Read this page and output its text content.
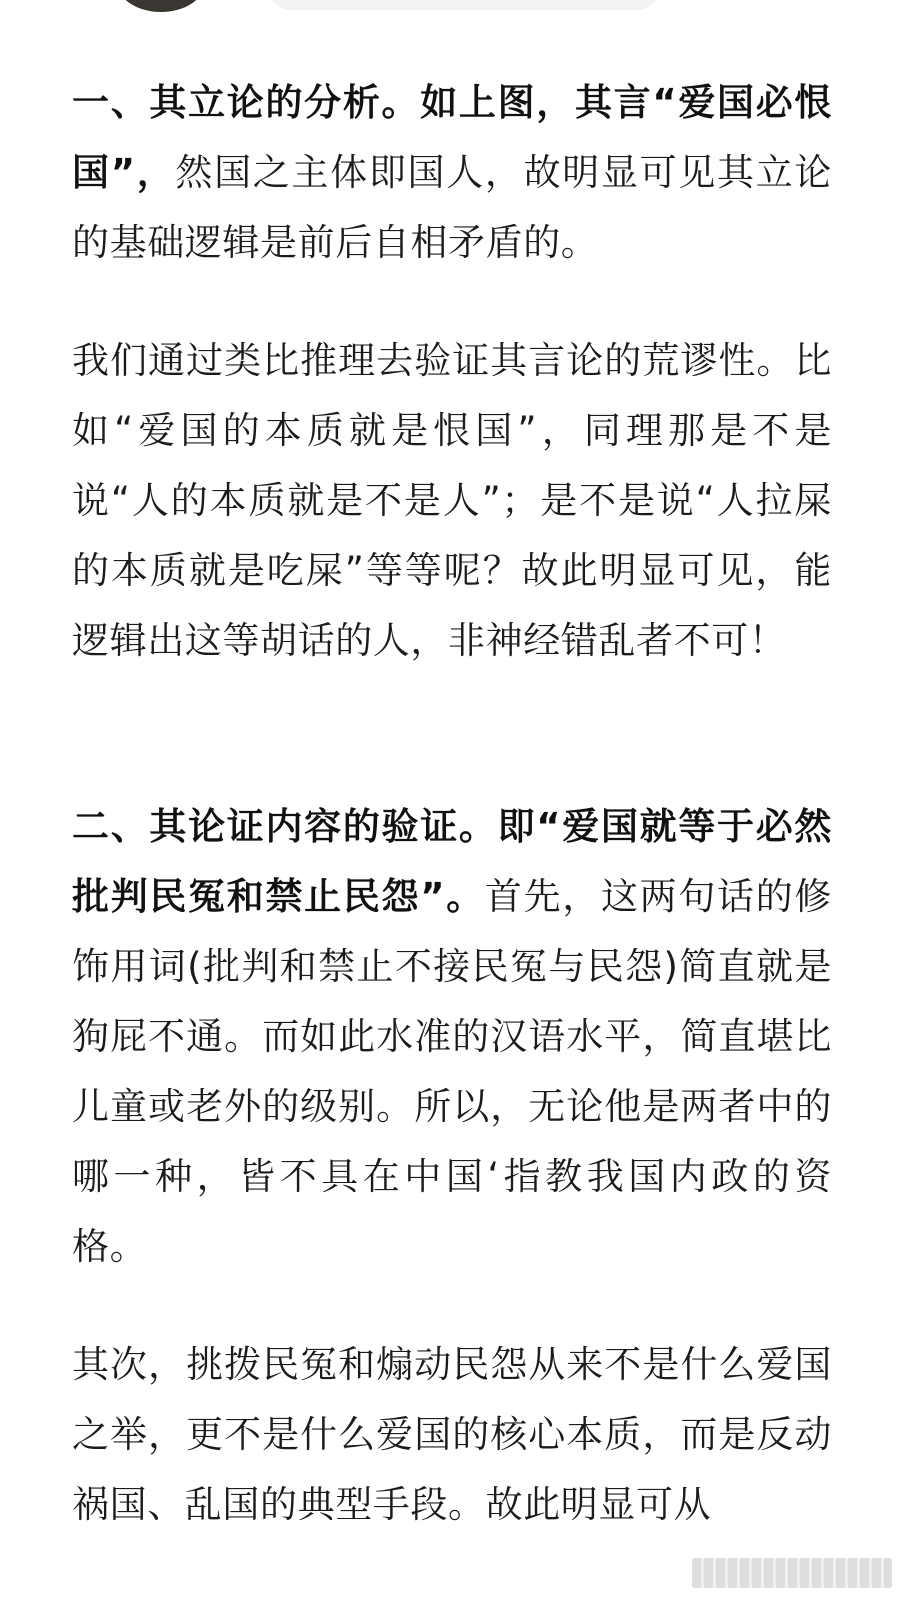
一、其立论的分析。如上图，其言“爱国必恨国”，然国之主体即国人，故明显可见其立论的基础逻辑是前后自相矛盾的。

我们通过类比推理去验证其言论的荒谬性。比如“爱国的本质就是恨国”，同理那是不是说“人的本质就是不是人”；是不是说“人拉屎的本质就是吃屎”等等呢？故此明显可见，能逻辑出这等胡话的人，非神经错乱者不可！

二、其论证内容的验证。即“爱国就等于必然批判民冤和禁止民怨”。首先，这两句话的修饰用词(批判和禁止不接民冤与民怨)简直就是狗屁不通。而如此水准的汉语水平，简直堪比儿童或老外的级别。所以，无论他是两者中的哪一种，皆不具在中国‘指教我国内政的资格。

其次，挑拨民冤和煽动民怨从来不是什么爱国之举，更不是什么爱国的核心本质，而是反动祸国、乱国的典型手段。故此明显可从
